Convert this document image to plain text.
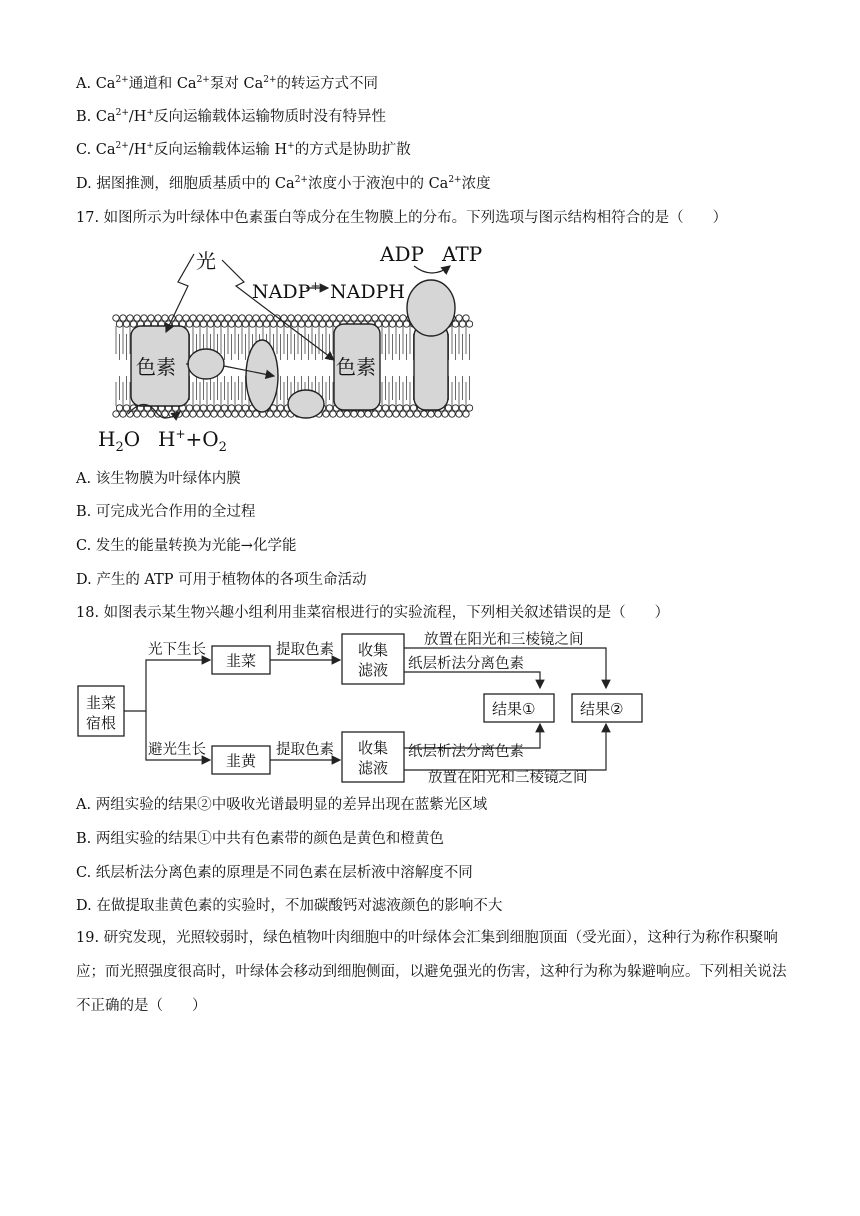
A. $Ca^{2+}$通道和 $Ca^{2+}$泵对 $Ca^{2+}$的转运方式不同
B. $Ca^{2+}/H^+$反向运输载体运输物质时没有特异性
C. $Ca^{2+}/H^+$反向运输载体运输 H+的方式是协助扩散
D. 据图推测，细胞质基质中的 $Ca^{2+}$浓度小于液泡中的 $Ca^{2+}$浓度
17. 如图所示为叶绿体中色素蛋白等成分在生物膜上的分布。下列选项与图示结构相符合的是（　　）
光	ADP ATP
NADP+ NADPH
色素	色素
$H_2O$ $H^++O_2$
A. 该生物膜为叶绿体内膜
B. 可完成光合作用的全过程
C. 发生的能量转换为光能→化学能
D. 产生的 ATP 可用于植物体的各项生命活动
18. 如图表示某生物兴趣小组利用韭菜宿根进行的实验流程，下列相关叙述错误的是（　　）
韭菜
宿根
光下生长
避光生长
韭菜
韭黄
提取色素
提取色素
收集
滤液
收集
滤液
放置在阳光和三棱镜之间
纸层析法分离色素
纸层析法分离色素
放置在阳光和三棱镜之间
结果①	结果②
A. 两组实验的结果②中吸收光谱最明显的差异出现在蓝紫光区域
B. 两组实验的结果①中共有色素带的颜色是黄色和橙黄色
C. 纸层析法分离色素的原理是不同色素在层析液中溶解度不同
D. 在做提取韭黄色素的实验时，不加碳酸钙对滤液颜色的影响不大
19. 研究发现，光照较弱时，绿色植物叶肉细胞中的叶绿体会汇集到细胞顶面（受光面），这种行为称作积聚响应；而光照强度很高时，叶绿体会移动到细胞侧面，以避免强光的伤害，这种行为称为躲避响应。下列相关说法不正确的是（　　）
